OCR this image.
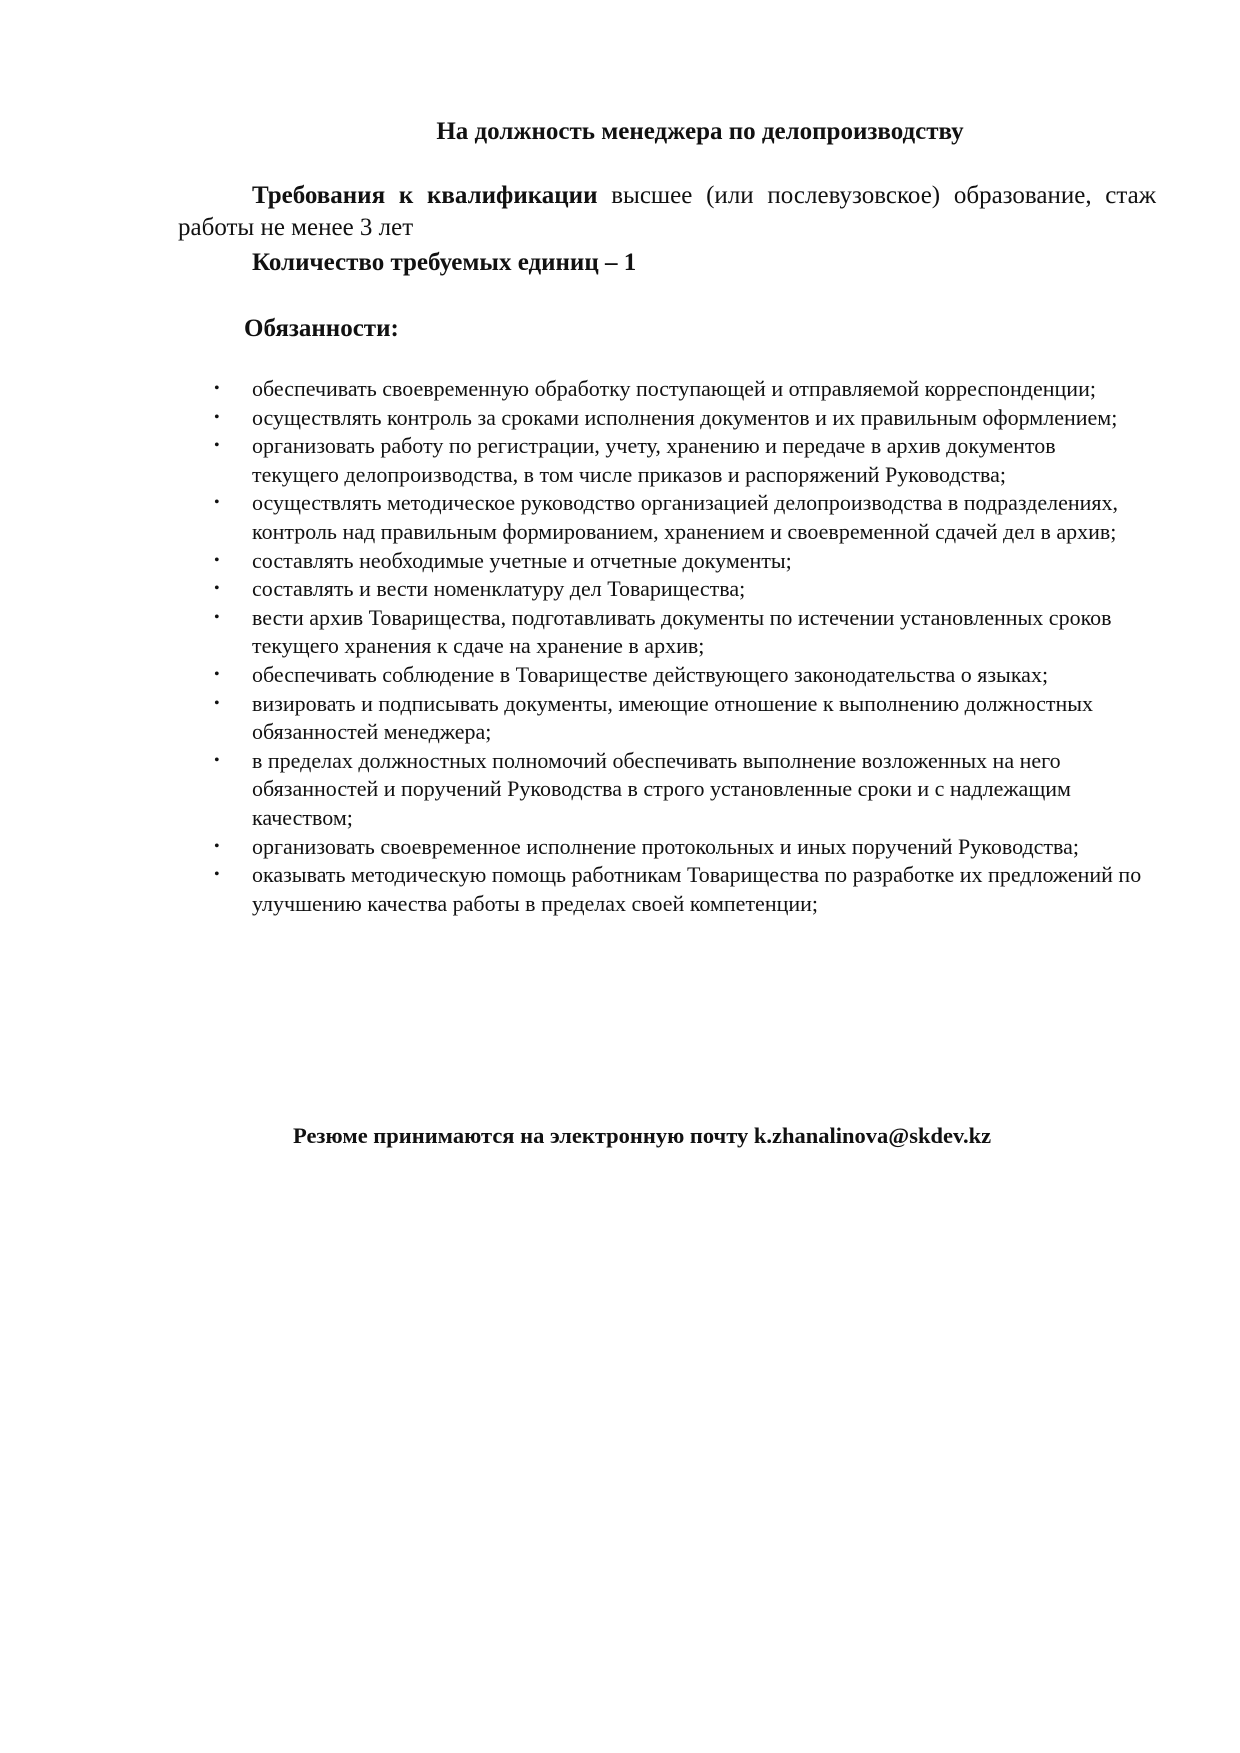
На должность менеджера по делопроизводству
Требования к квалификации высшее (или послевузовское) образование, стаж работы не менее 3 лет
Количество требуемых единиц – 1
Обязанности:
• обеспечивать своевременную обработку поступающей и отправляемой корреспонденции;
• осуществлять контроль за сроками исполнения документов и их правильным оформлением;
• организовать работу по регистрации, учету, хранению и передаче в архив документов текущего делопроизводства, в том числе приказов и распоряжений Руководства;
• осуществлять методическое руководство организацией делопроизводства в подразделениях, контроль над правильным формированием, хранением и своевременной сдачей дел в архив;
• составлять необходимые учетные и отчетные документы;
• составлять и вести номенклатуру дел Товарищества;
• вести архив Товарищества, подготавливать документы по истечении установленных сроков текущего хранения к сдаче на хранение в архив;
• обеспечивать соблюдение в Товариществе действующего законодательства о языках;
• визировать и подписывать документы, имеющие отношение к выполнению должностных обязанностей менеджера;
• в пределах должностных полномочий обеспечивать выполнение возложенных на него обязанностей и поручений Руководства в строго установленные сроки и с надлежащим качеством;
• организовать своевременное исполнение протокольных и иных поручений Руководства;
• оказывать методическую помощь работникам Товарищества по разработке их предложений по улучшению качества работы в пределах своей компетенции;
Резюме принимаются на электронную почту k.zhanalinova@skdev.kz
